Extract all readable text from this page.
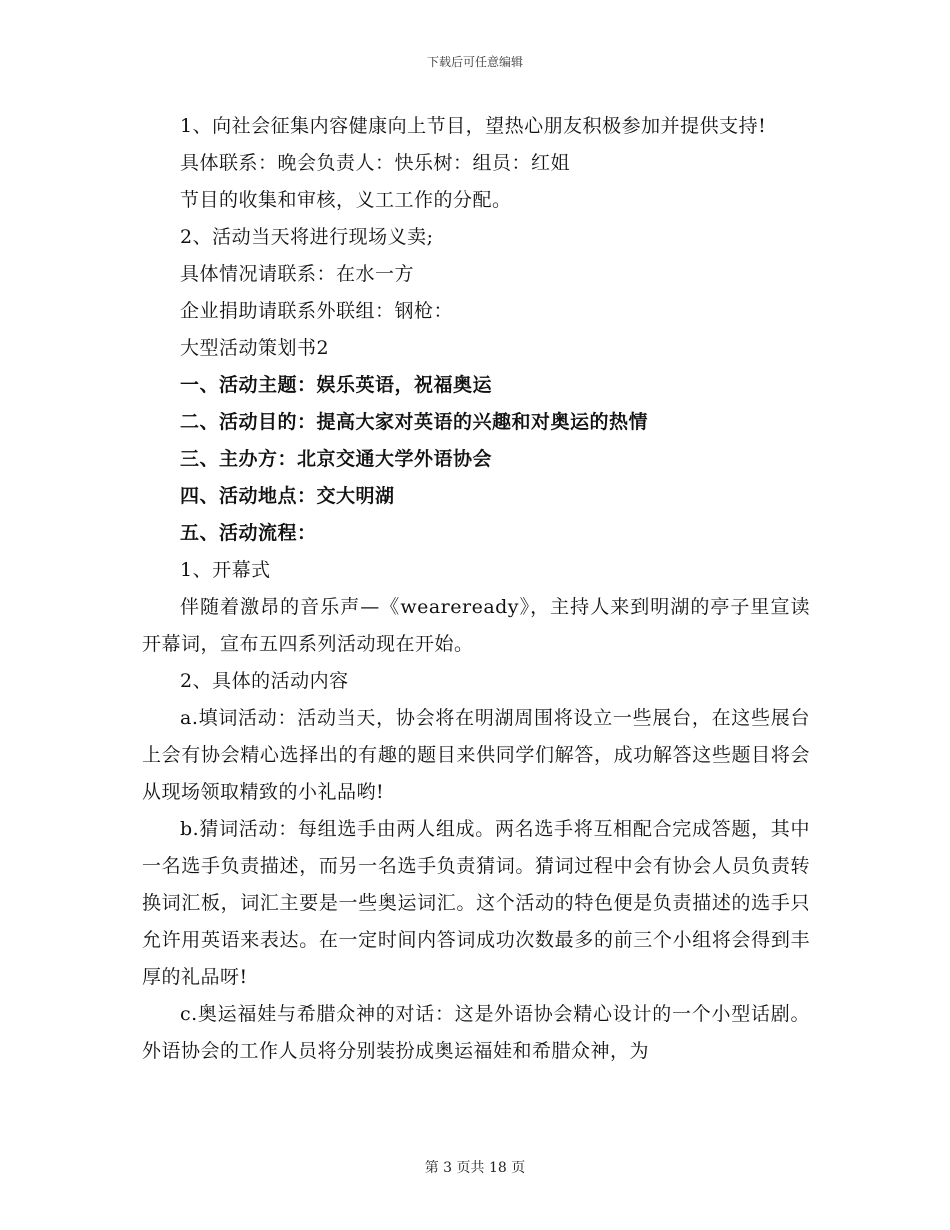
下载后可任意编辑

1、向社会征集内容健康向上节目，望热心朋友积极参加并提供支持!

具体联系：晚会负责人：快乐树：组员：红姐

节目的收集和审核，义工工作的分配。

2、活动当天将进行现场义卖;

具体情况请联系：在水一方

企业捐助请联系外联组：钢枪：

大型活动策划书2

一、活动主题：娱乐英语，祝福奥运

二、活动目的：提高大家对英语的兴趣和对奥运的热情

三、主办方：北京交通大学外语协会

四、活动地点：交大明湖

五、活动流程：

1、开幕式

伴随着激昂的音乐声—《weareready》，主持人来到明湖的亭子里宣读开幕词，宣布五四系列活动现在开始。

2、具体的活动内容

a.填词活动：活动当天，协会将在明湖周围将设立一些展台，在这些展台上会有协会精心选择出的有趣的题目来供同学们解答，成功解答这些题目将会从现场领取精致的小礼品哟!

b.猜词活动：每组选手由两人组成。两名选手将互相配合完成答题，其中一名选手负责描述，而另一名选手负责猜词。猜词过程中会有协会人员负责转换词汇板，词汇主要是一些奥运词汇。这个活动的特色便是负责描述的选手只允许用英语来表达。在一定时间内答词成功次数最多的前三个小组将会得到丰厚的礼品呀!

c.奥运福娃与希腊众神的对话：这是外语协会精心设计的一个小型话剧。外语协会的工作人员将分别装扮成奥运福娃和希腊众神，为

第 3 页共 18 页
